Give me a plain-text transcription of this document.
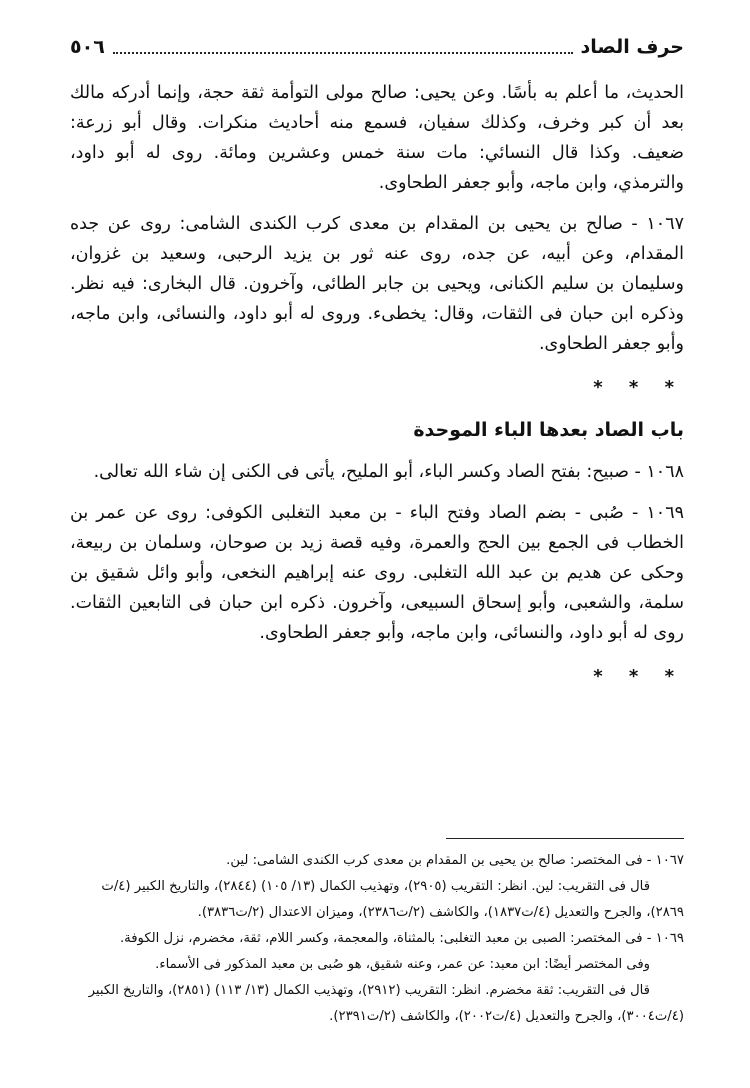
حرف الصاد
٥٠٦

الحديث، ما أعلم به بأسًا. وعن يحيى: صالح مولى التوأمة ثقة حجة، وإنما أدركه مالك بعد أن كبر وخرف، وكذلك سفيان، فسمع منه أحاديث منكرات. وقال أبو زرعة: ضعيف. وكذا قال النسائي: مات سنة خمس وعشرين ومائة. روى له أبو داود، والترمذي، وابن ماجه، وأبو جعفر الطحاوى.

١٠٦٧ - صالح بن يحيى بن المقدام بن معدى كرب الكندى الشامى: روى عن جده المقدام، وعن أبيه، عن جده، روى عنه ثور بن يزيد الرحبى، وسعيد بن غزوان، وسليمان بن سليم الكنانى، ويحيى بن جابر الطائى، وآخرون. قال البخارى: فيه نظر. وذكره ابن حبان فى الثقات، وقال: يخطىء. وروى له أبو داود، والنسائى، وابن ماجه، وأبو جعفر الطحاوى.

* * *
باب الصاد بعدها الباء الموحدة

١٠٦٨ - صبيح: بفتح الصاد وكسر الباء، أبو المليح، يأتى فى الكنى إن شاء الله تعالى.

١٠٦٩ - صُبى - بضم الصاد وفتح الباء - بن معبد التغلبى الكوفى: روى عن عمر بن الخطاب فى الجمع بين الحج والعمرة، وفيه قصة زيد بن صوحان، وسلمان بن ربيعة، وحكى عن هديم بن عبد الله التغلبى. روى عنه إبراهيم النخعى، وأبو وائل شقيق بن سلمة، والشعبى، وأبو إسحاق السبيعى، وآخرون. ذكره ابن حبان فى التابعين الثقات. روى له أبو داود، والنسائى، وابن ماجه، وأبو جعفر الطحاوى.

* * *
١٠٦٧ - فى المختصر: صالح بن يحيى بن المقدام بن معدى كرب الكندى الشامى: لين.
قال فى التقريب: لين. انظر: التقريب (٢٩٠٥)، وتهذيب الكمال (١٣/ ١٠٥) (٢٨٤٤)، والتاريخ الكبير (٤/ت
٢٨٦٩)، والجرح والتعديل (٤/ت١٨٣٧)، والكاشف (٢/ت٢٣٨٦)، وميزان الاعتدال (٢/ت٣٨٣٦).
١٠٦٩ - فى المختصر: الصبى بن معبد التغلبى: بالمثناة، والمعجمة، وكسر اللام، ثقة، مخضرم، نزل الكوفة.
وفى المختصر أيضًا: ابن معبد: عن عمر، وعنه شقيق، هو صُبى بن معبد المذكور فى الأسماء.
قال فى التقريب: ثقة مخضرم. انظر: التقريب (٢٩١٢)، وتهذيب الكمال (١٣/ ١١٣) (٢٨٥١)، والتاريخ الكبير
(٤/ت٣٠٠٤)، والجرح والتعديل (٤/ت٢٠٠٢)، والكاشف (٢/ت٢٣٩١).
